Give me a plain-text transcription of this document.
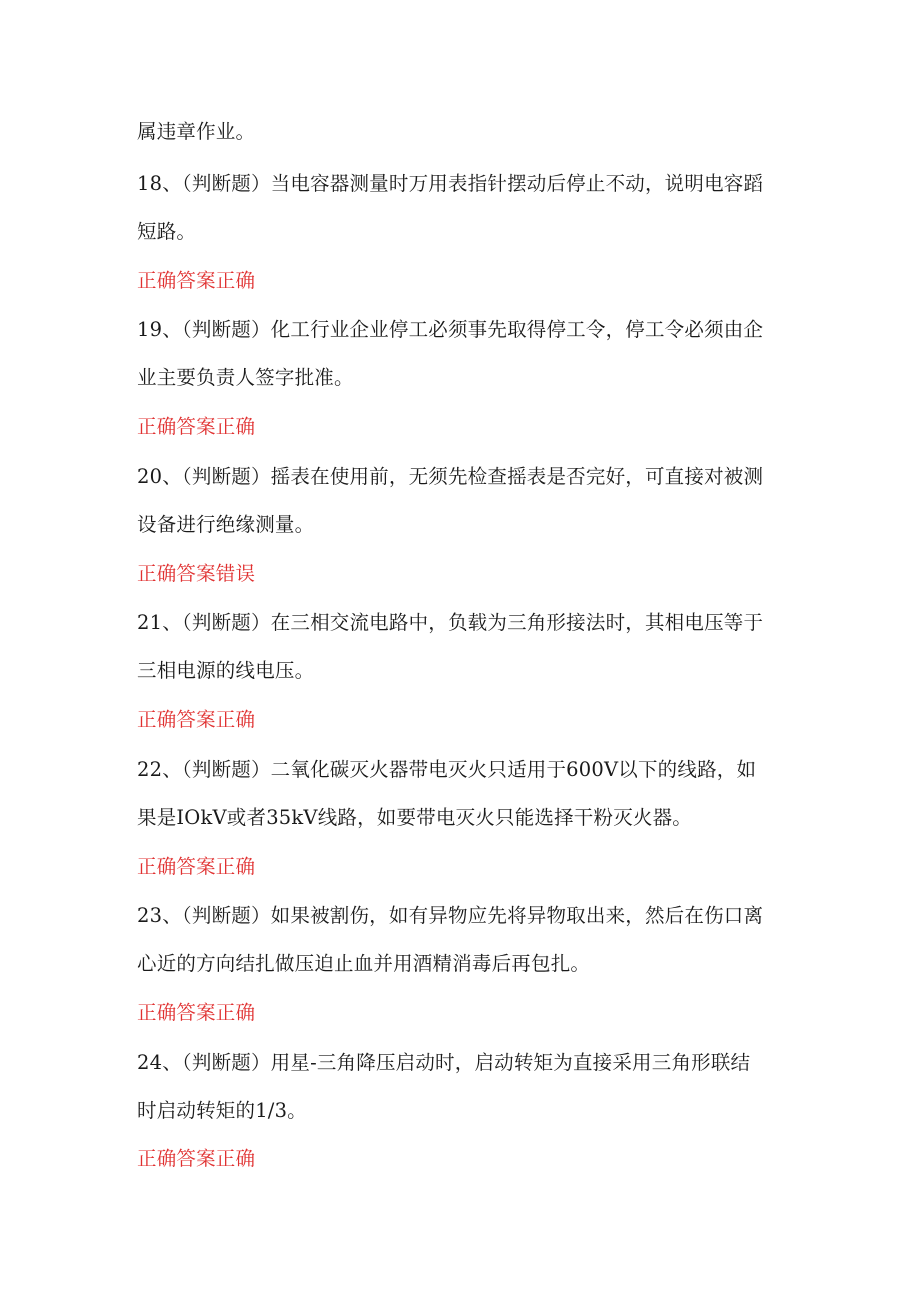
属违章作业。
18、（判断题）当电容器测量时万用表指针摆动后停止不动，说明电容蹈
短路。
正确答案正确
19、（判断题）化工行业企业停工必须事先取得停工令，停工令必须由企
业主要负责人签字批准。
正确答案正确
20、（判断题）摇表在使用前，无须先检查摇表是否完好，可直接对被测
设备进行绝缘测量。
正确答案错误
21、（判断题）在三相交流电路中，负载为三角形接法时，其相电压等于
三相电源的线电压。
正确答案正确
22、（判断题）二氧化碳灭火器带电灭火只适用于600V以下的线路，如
果是IOkV或者35kV线路，如要带电灭火只能选择干粉灭火器。
正确答案正确
23、（判断题）如果被割伤，如有异物应先将异物取出来，然后在伤口离
心近的方向结扎做压迫止血并用酒精消毒后再包扎。
正确答案正确
24、（判断题）用星-三角降压启动时，启动转矩为直接采用三角形联结
时启动转矩的1/3。
正确答案正确
